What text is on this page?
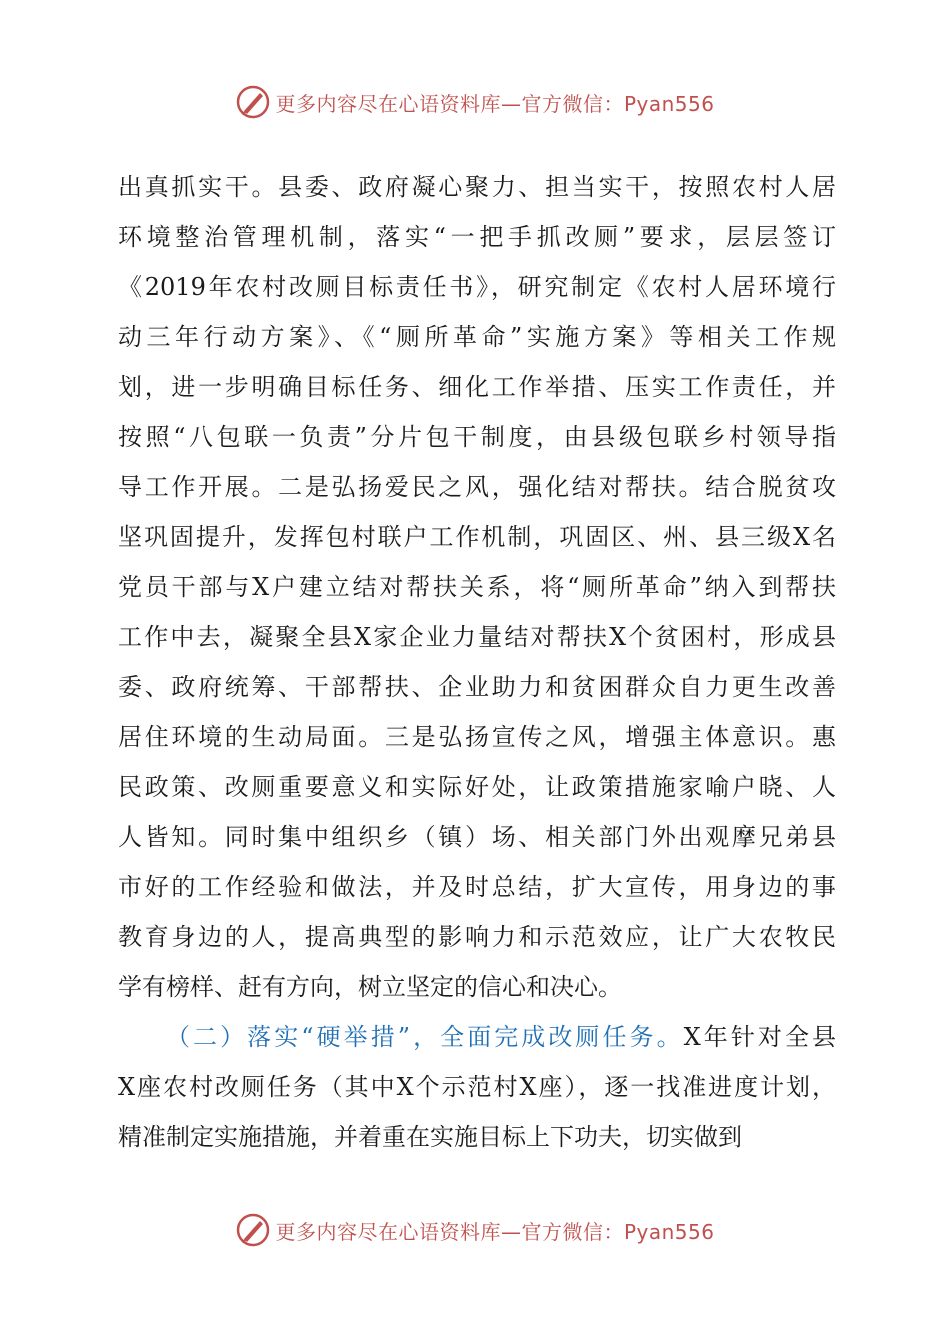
更多内容尽在心语资料库—官方微信：Pyan556
出真抓实干。县委、政府凝心聚力、担当实干，按照农村人居
环境整治管理机制，落实“一把手抓改厕”要求，层层签订
《2019年农村改厕目标责任书》，研究制定《农村人居环境行
动三年行动方案》、《“厕所革命”实施方案》等相关工作规
划，进一步明确目标任务、细化工作举措、压实工作责任，并
按照“八包联一负责”分片包干制度，由县级包联乡村领导指
导工作开展。二是弘扬爱民之风，强化结对帮扶。结合脱贫攻
坚巩固提升，发挥包村联户工作机制，巩固区、州、县三级X名
党员干部与X户建立结对帮扶关系，将“厕所革命”纳入到帮扶
工作中去，凝聚全县X家企业力量结对帮扶X个贫困村，形成县
委、政府统筹、干部帮扶、企业助力和贫困群众自力更生改善
居住环境的生动局面。三是弘扬宣传之风，增强主体意识。惠
民政策、改厕重要意义和实际好处，让政策措施家喻户晓、人
人皆知。同时集中组织乡（镇）场、相关部门外出观摩兄弟县
市好的工作经验和做法，并及时总结，扩大宣传，用身边的事
教育身边的人，提高典型的影响力和示范效应，让广大农牧民
学有榜样、赶有方向，树立坚定的信心和决心。
（二）落实“硬举措”，全面完成改厕任务。X年针对全县
X座农村改厕任务（其中X个示范村X座），逐一找准进度计划，
精准制定实施措施，并着重在实施目标上下功夫，切实做到
更多内容尽在心语资料库—官方微信：Pyan556
